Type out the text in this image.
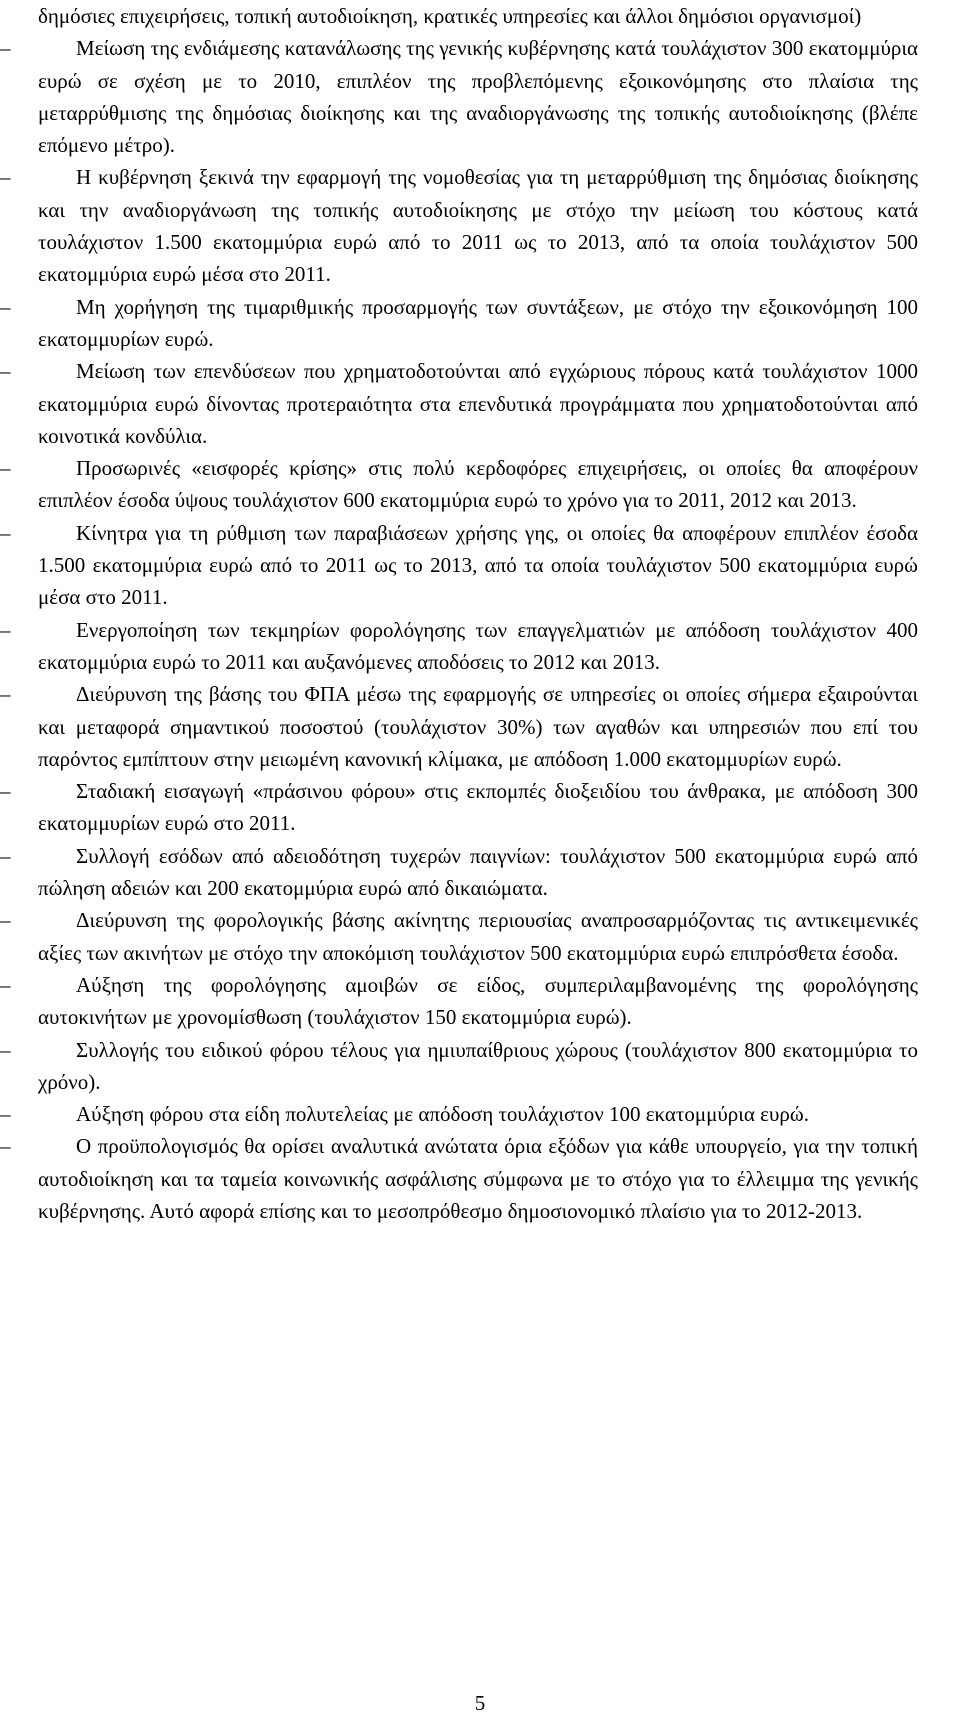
δημόσιες επιχειρήσεις, τοπική αυτοδιοίκηση, κρατικές υπηρεσίες και άλλοι δημόσιοι οργανισμοί)

–	Μείωση της ενδιάμεσης κατανάλωσης της γενικής κυβέρνησης κατά τουλάχιστον 300 εκατομμύρια ευρώ σε σχέση με το 2010, επιπλέον της προβλεπόμενης εξοικονόμησης στο πλαίσια της μεταρρύθμισης της δημόσιας διοίκησης και της αναδιοργάνωσης της τοπικής αυτοδιοίκησης (βλέπε επόμενο μέτρο).
–	Η κυβέρνηση ξεκινά την εφαρμογή της νομοθεσίας για τη μεταρρύθμιση της δημόσιας διοίκησης και την αναδιοργάνωση της τοπικής αυτοδιοίκησης με στόχο την μείωση του κόστους κατά τουλάχιστον 1.500 εκατομμύρια ευρώ από το 2011 ως το 2013, από τα οποία τουλάχιστον 500 εκατομμύρια ευρώ μέσα στο 2011.
–	Μη χορήγηση της τιμαριθμικής προσαρμογής των συντάξεων, με στόχο την εξοικονόμηση 100 εκατομμυρίων ευρώ.
–	Μείωση των επενδύσεων που χρηματοδοτούνται από εγχώριους πόρους κατά τουλάχιστον 1000 εκατομμύρια ευρώ δίνοντας προτεραιότητα στα επενδυτικά προγράμματα που χρηματοδοτούνται από κοινοτικά κονδύλια.
–	Προσωρινές «εισφορές κρίσης» στις πολύ κερδοφόρες επιχειρήσεις, οι οποίες θα αποφέρουν επιπλέον έσοδα ύψους τουλάχιστον 600 εκατομμύρια ευρώ το χρόνο για το 2011, 2012 και 2013.
–	Κίνητρα για τη ρύθμιση των παραβιάσεων χρήσης γης, οι οποίες θα αποφέρουν επιπλέον έσοδα 1.500 εκατομμύρια ευρώ από το 2011 ως το 2013, από τα οποία τουλάχιστον 500 εκατομμύρια ευρώ μέσα στο 2011.
–	Ενεργοποίηση των τεκμηρίων φορολόγησης των επαγγελματιών με απόδοση τουλάχιστον 400 εκατομμύρια ευρώ το 2011 και αυξανόμενες αποδόσεις το 2012 και 2013.
–	Διεύρυνση της βάσης του ΦΠΑ μέσω της εφαρμογής σε υπηρεσίες οι οποίες σήμερα εξαιρούνται και μεταφορά σημαντικού ποσοστού (τουλάχιστον 30%) των αγαθών και υπηρεσιών που επί του παρόντος εμπίπτουν στην μειωμένη κανονική κλίμακα, με απόδοση 1.000 εκατομμυρίων ευρώ.
–	Σταδιακή εισαγωγή «πράσινου φόρου» στις εκπομπές διοξειδίου του άνθρακα, με απόδοση 300 εκατομμυρίων ευρώ στο 2011.
–	Συλλογή εσόδων από αδειοδότηση τυχερών παιγνίων: τουλάχιστον 500 εκατομμύρια ευρώ από πώληση αδειών και 200 εκατομμύρια ευρώ από δικαιώματα.
–	Διεύρυνση της φορολογικής βάσης ακίνητης περιουσίας αναπροσαρμόζοντας τις αντικειμενικές αξίες των ακινήτων με στόχο την αποκόμιση τουλάχιστον 500 εκατομμύρια ευρώ επιπρόσθετα έσοδα.
–	Αύξηση της φορολόγησης αμοιβών σε είδος, συμπεριλαμβανομένης της φορολόγησης αυτοκινήτων με χρονομίσθωση (τουλάχιστον 150 εκατομμύρια ευρώ).
–	Συλλογής του ειδικού φόρου τέλους για ημιυπαίθριους χώρους (τουλάχιστον 800 εκατομμύρια το χρόνο).
–	Αύξηση φόρου στα είδη πολυτελείας με απόδοση τουλάχιστον 100 εκατομμύρια ευρώ.
–	Ο προϋπολογισμός θα ορίσει αναλυτικά ανώτατα όρια εξόδων για κάθε υπουργείο, για την τοπική αυτοδιοίκηση και τα ταμεία κοινωνικής ασφάλισης σύμφωνα με το στόχο για το έλλειμμα της γενικής κυβέρνησης. Αυτό αφορά επίσης και το μεσοπρόθεσμο δημοσιονομικό πλαίσιο για το 2012-2013.
5
